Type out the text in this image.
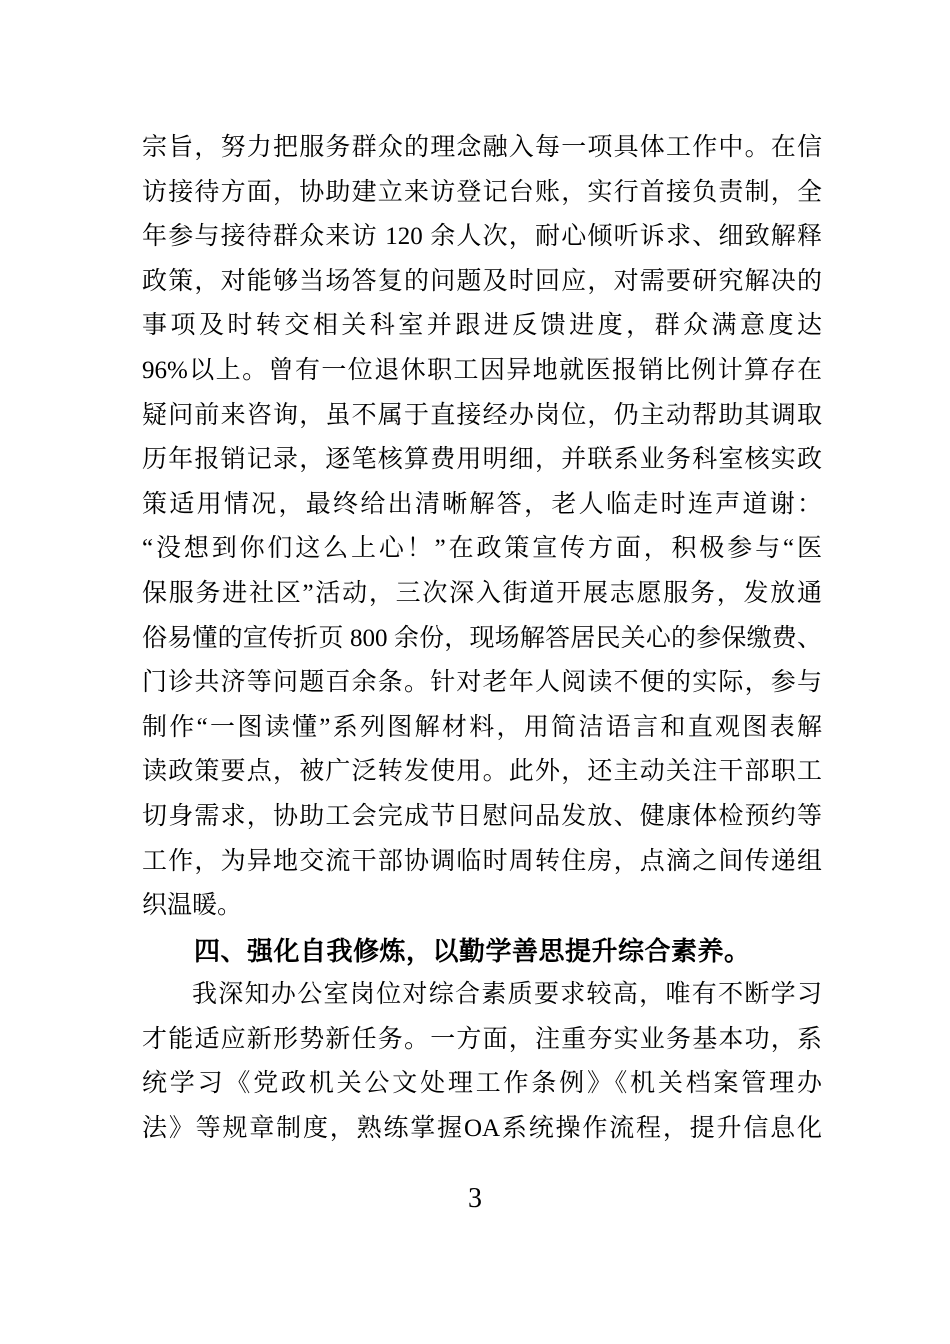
宗旨，努力把服务群众的理念融入每一项具体工作中。在信
访接待方面，协助建立来访登记台账，实行首接负责制，全
年参与接待群众来访 120 余人次，耐心倾听诉求、细致解释
政策，对能够当场答复的问题及时回应，对需要研究解决的
事项及时转交相关科室并跟进反馈进度，群众满意度达
96%以上。曾有一位退休职工因异地就医报销比例计算存在
疑问前来咨询，虽不属于直接经办岗位，仍主动帮助其调取
历年报销记录，逐笔核算费用明细，并联系业务科室核实政
策适用情况，最终给出清晰解答，老人临走时连声道谢：
“没想到你们这么上心！”在政策宣传方面，积极参与“医
保服务进社区”活动，三次深入街道开展志愿服务，发放通
俗易懂的宣传折页 800 余份，现场解答居民关心的参保缴费、
门诊共济等问题百余条。针对老年人阅读不便的实际，参与
制作“一图读懂”系列图解材料，用简洁语言和直观图表解
读政策要点，被广泛转发使用。此外，还主动关注干部职工
切身需求，协助工会完成节日慰问品发放、健康体检预约等
工作，为异地交流干部协调临时周转住房，点滴之间传递组
织温暖。
四、强化自我修炼，以勤学善思提升综合素养。
我深知办公室岗位对综合素质要求较高，唯有不断学习
才能适应新形势新任务。一方面，注重夯实业务基本功，系
统学习《党政机关公文处理工作条例》《机关档案管理办
法》等规章制度，熟练掌握OA系统操作流程，提升信息化
3
